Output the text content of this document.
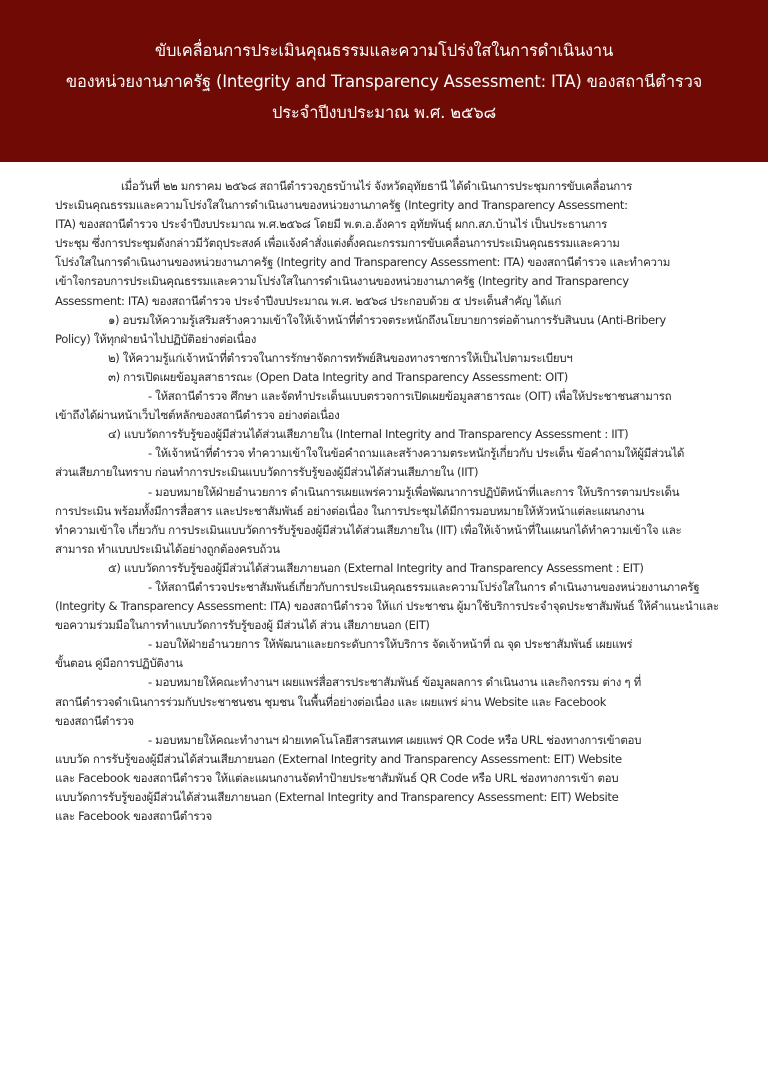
ขับเคลื่อนการประเมินคุณธรรมและความโปร่งใสในการดำเนินงาน
ของหน่วยงานภาครัฐ (Integrity and Transparency Assessment: ITA) ของสถานีตำรวจ
ประจำปีงบประมาณ พ.ศ. ๒๕๖๘
เมื่อวันที่ ๒๒ มกราคม ๒๕๖๘ สถานีตำรวจภูธรบ้านไร่ จังหวัดอุทัยธานี ได้ดำเนินการประชุมการขับเคลื่อนการ
ประเมินคุณธรรมและความโปร่งใสในการดำเนินงานของหน่วยงานภาครัฐ (Integrity and Transparency Assessment:
ITA) ของสถานีตำรวจ ประจำปีงบประมาณ พ.ศ.๒๕๖๘ โดยมี พ.ต.อ.อังคาร อุทัยพันธุ์ ผกก.สภ.บ้านไร่ เป็นประธานการ
ประชุม ซึ่งการประชุมดังกล่าวมีวัตถุประสงค์ เพื่อแจ้งคำสั่งแต่งตั้งคณะกรรมการขับเคลื่อนการประเมินคุณธรรมและความ
โปร่งใสในการดำเนินงานของหน่วยงานภาครัฐ (Integrity and Transparency Assessment: ITA) ของสถานีตำรวจ และทำความ
เข้าใจกรอบการประเมินคุณธรรมและความโปร่งใสในการดำเนินงานของหน่วยงานภาครัฐ (Integrity and Transparency
Assessment: ITA) ของสถานีตำรวจ ประจำปีงบประมาณ พ.ศ. ๒๕๖๘ ประกอบด้วย ๕ ประเด็นสำคัญ ได้แก่
๑) อบรมให้ความรู้เสริมสร้างความเข้าใจให้เจ้าหน้าที่ตำรวจตระหนักถึงนโยบายการต่อต้านการรับสินบน (Anti-Bribery
Policy) ให้ทุกฝ่ายนำไปปฏิบัติอย่างต่อเนื่อง
๒) ให้ความรู้แก่เจ้าหน้าที่ตำรวจในการรักษาจัดการทรัพย์สินของทางราชการให้เป็นไปตามระเบียบฯ
๓) การเปิดเผยข้อมูลสาธารณะ (Open Data Integrity and Transparency Assessment: OIT)
- ให้สถานีตำรวจ ศึกษา และจัดทำประเด็นแบบตรวจการเปิดเผยข้อมูลสาธารณะ (OIT) เพื่อให้ประชาชนสามารถ
เข้าถึงได้ผ่านหน้าเว็บไซต์หลักของสถานีตำรวจ อย่างต่อเนื่อง
๔) แบบวัดการรับรู้ของผู้มีส่วนได้ส่วนเสียภายใน (Internal Integrity and Transparency Assessment : IIT)
- ให้เจ้าหน้าที่ตำรวจ ทำความเข้าใจในข้อคำถามและสร้างความตระหนักรู้เกี่ยวกับ ประเด็น ข้อคำถามให้ผู้มีส่วนได้
ส่วนเสียภายในทราบ ก่อนทำการประเมินแบบวัดการรับรู้ของผู้มีส่วนได้ส่วนเสียภายใน (IIT)
- มอบหมายให้ฝ่ายอำนวยการ ดำเนินการเผยแพร่ความรู้เพื่อพัฒนาการปฏิบัติหน้าที่และการ ให้บริการตามประเด็น
การประเมิน พร้อมทั้งมีการสื่อสาร และประชาสัมพันธ์ อย่างต่อเนื่อง ในการประชุมได้มีการมอบหมายให้หัวหน้าแต่ละแผนกงาน
ทำความเข้าใจ เกี่ยวกับ การประเมินแบบวัดการรับรู้ของผู้มีส่วนได้ส่วนเสียภายใน (IIT) เพื่อให้เจ้าหน้าที่ในแผนกได้ทำความเข้าใจ และ
สามารถ ทำแบบประเมินได้อย่างถูกต้องครบถ้วน
๕) แบบวัดการรับรู้ของผู้มีส่วนได้ส่วนเสียภายนอก (External Integrity and Transparency Assessment : EIT)
- ให้สถานีตำรวจประชาสัมพันธ์เกี่ยวกับการประเมินคุณธรรมและความโปร่งใสในการ ดำเนินงานของหน่วยงานภาครัฐ
(Integrity & Transparency Assessment: ITA) ของสถานีตำรวจ ให้แก่ ประชาชน ผู้มาใช้บริการประจำจุดประชาสัมพันธ์ ให้คำแนะนำและ
ขอความร่วมมือในการทำแบบวัดการรับรู้ของผู้ มีส่วนได้ ส่วน เสียภายนอก (EIT)
- มอบให้ฝ่ายอำนวยการ ให้พัฒนาและยกระดับการให้บริการ จัดเจ้าหน้าที่ ณ จุด ประชาสัมพันธ์ เผยแพร่
ขั้นตอน คู่มือการปฏิบัติงาน
- มอบหมายให้คณะทำงานฯ เผยแพร่สื่อสารประชาสัมพันธ์ ข้อมูลผลการ ดำเนินงาน และกิจกรรม ต่าง ๆ ที่
สถานีตำรวจดำเนินการร่วมกับประชาชนชน ชุมชน ในพื้นที่อย่างต่อเนื่อง และ เผยแพร่ ผ่าน Website และ Facebook
ของสถานีตำรวจ
- มอบหมายให้คณะทำงานฯ ฝ่ายเทคโนโลยีสารสนเทศ เผยแพร่ QR Code หรือ URL ช่องทางการเข้าตอบ
แบบวัด การรับรู้ของผู้มีส่วนได้ส่วนเสียภายนอก (External Integrity and Transparency Assessment: EIT) Website
และ Facebook ของสถานีตำรวจ ให้แต่ละแผนกงานจัดทำป้ายประชาสัมพันธ์ QR Code หรือ URL ช่องทางการเข้า ตอบ
แบบวัดการรับรู้ของผู้มีส่วนได้ส่วนเสียภายนอก (External Integrity and Transparency Assessment: EIT) Website
และ Facebook ของสถานีตำรวจ
